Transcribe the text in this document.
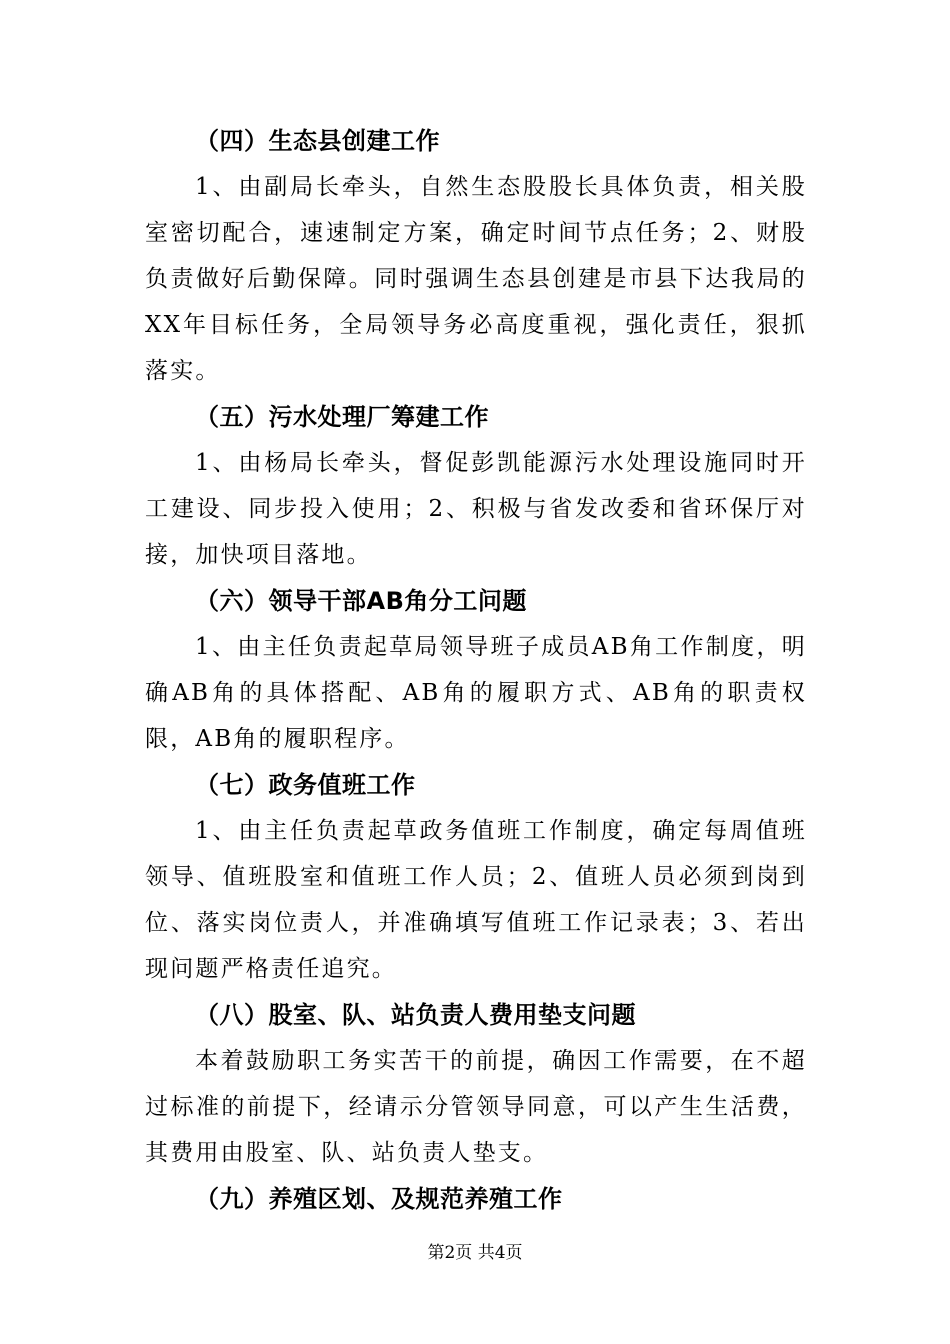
（四）生态县创建工作

1、由副局长牵头，自然生态股股长具体负责，相关股室密切配合，速速制定方案，确定时间节点任务；2、财股负责做好后勤保障。同时强调生态县创建是市县下达我局的XX年目标任务，全局领导务必高度重视，强化责任，狠抓落实。

（五）污水处理厂筹建工作

1、由杨局长牵头，督促彭凯能源污水处理设施同时开工建设、同步投入使用；2、积极与省发改委和省环保厅对接，加快项目落地。

（六）领导干部AB角分工问题

1、由主任负责起草局领导班子成员AB角工作制度，明确AB角的具体搭配、AB角的履职方式、AB角的职责权限，AB角的履职程序。

（七）政务值班工作

1、由主任负责起草政务值班工作制度，确定每周值班领导、值班股室和值班工作人员；2、值班人员必须到岗到位、落实岗位责人，并准确填写值班工作记录表；3、若出现问题严格责任追究。

（八）股室、队、站负责人费用垫支问题

本着鼓励职工务实苦干的前提，确因工作需要，在不超过标准的前提下，经请示分管领导同意，可以产生生活费，其费用由股室、队、站负责人垫支。

（九）养殖区划、及规范养殖工作
第2页 共4页
